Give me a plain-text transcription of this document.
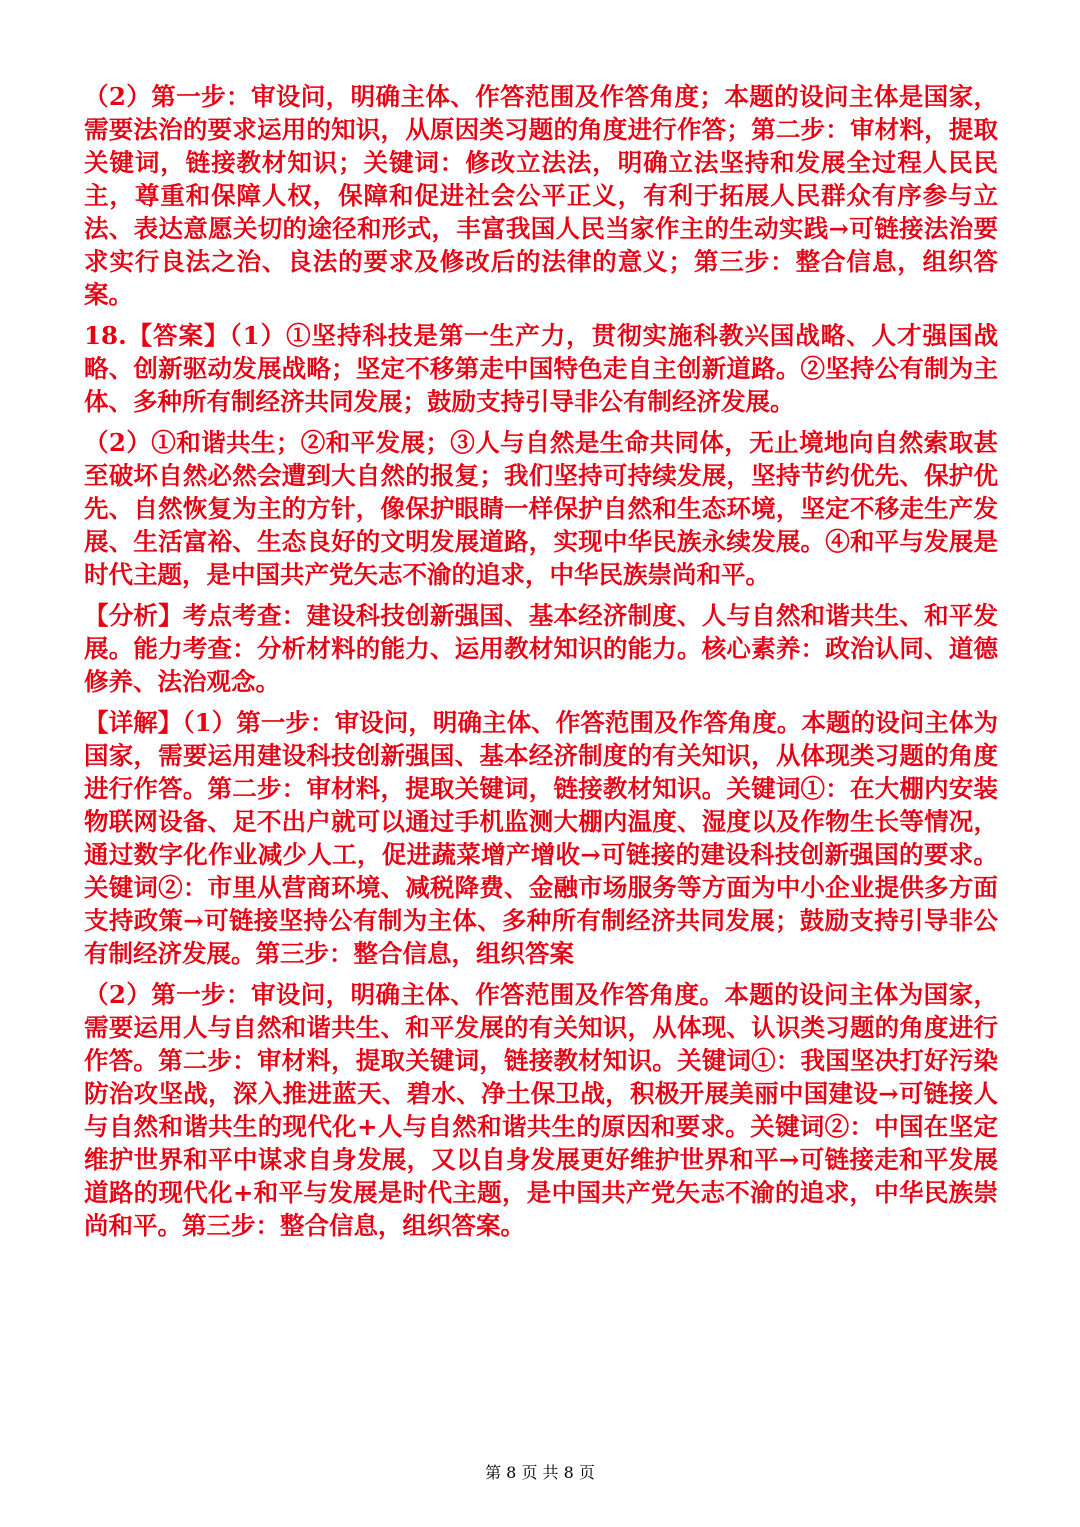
（2）第一步：审设问，明确主体、作答范围及作答角度；本题的设问主体是国家，需要法治的要求运用的知识，从原因类习题的角度进行作答；第二步：审材料，提取关键词，链接教材知识；关键词：修改立法法，明确立法坚持和发展全过程人民民主，尊重和保障人权，保障和促进社会公平正义，有利于拓展人民群众有序参与立法、表达意愿关切的途径和形式，丰富我国人民当家作主的生动实践→可链接法治要求实行良法之治、良法的要求及修改后的法律的意义；第三步：整合信息，组织答案。

18.【答案】（1）①坚持科技是第一生产力，贯彻实施科教兴国战略、人才强国战略、创新驱动发展战略；坚定不移第走中国特色走自主创新道路。②坚持公有制为主体、多种所有制经济共同发展；鼓励支持引导非公有制经济发展。

（2）①和谐共生；②和平发展；③人与自然是生命共同体，无止境地向自然索取甚至破坏自然必然会遭到大自然的报复；我们坚持可持续发展，坚持节约优先、保护优先、自然恢复为主的方针，像保护眼睛一样保护自然和生态环境，坚定不移走生产发展、生活富裕、生态良好的文明发展道路，实现中华民族永续发展。④和平与发展是时代主题，是中国共产党矢志不渝的追求，中华民族崇尚和平。

【分析】考点考查：建设科技创新强国、基本经济制度、人与自然和谐共生、和平发展。能力考查：分析材料的能力、运用教材知识的能力。核心素养：政治认同、道德修养、法治观念。

【详解】（1）第一步：审设问，明确主体、作答范围及作答角度。本题的设问主体为国家，需要运用建设科技创新强国、基本经济制度的有关知识，从体现类习题的角度进行作答。第二步：审材料，提取关键词，链接教材知识。关键词①：在大棚内安装物联网设备、足不出户就可以通过手机监测大棚内温度、湿度以及作物生长等情况，通过数字化作业减少人工，促进蔬菜增产增收→可链接的建设科技创新强国的要求。关键词②：市里从营商环境、减税降费、金融市场服务等方面为中小企业提供多方面支持政策→可链接坚持公有制为主体、多种所有制经济共同发展；鼓励支持引导非公有制经济发展。第三步：整合信息，组织答案

（2）第一步：审设问，明确主体、作答范围及作答角度。本题的设问主体为国家，需要运用人与自然和谐共生、和平发展的有关知识，从体现、认识类习题的角度进行作答。第二步：审材料，提取关键词，链接教材知识。关键词①：我国坚决打好污染防治攻坚战，深入推进蓝天、碧水、净土保卫战，积极开展美丽中国建设→可链接人与自然和谐共生的现代化+人与自然和谐共生的原因和要求。关键词②：中国在坚定维护世界和平中谋求自身发展，又以自身发展更好维护世界和平→可链接走和平发展道路的现代化+和平与发展是时代主题，是中国共产党矢志不渝的追求，中华民族崇尚和平。第三步：整合信息，组织答案。

第 8 页 共 8 页
